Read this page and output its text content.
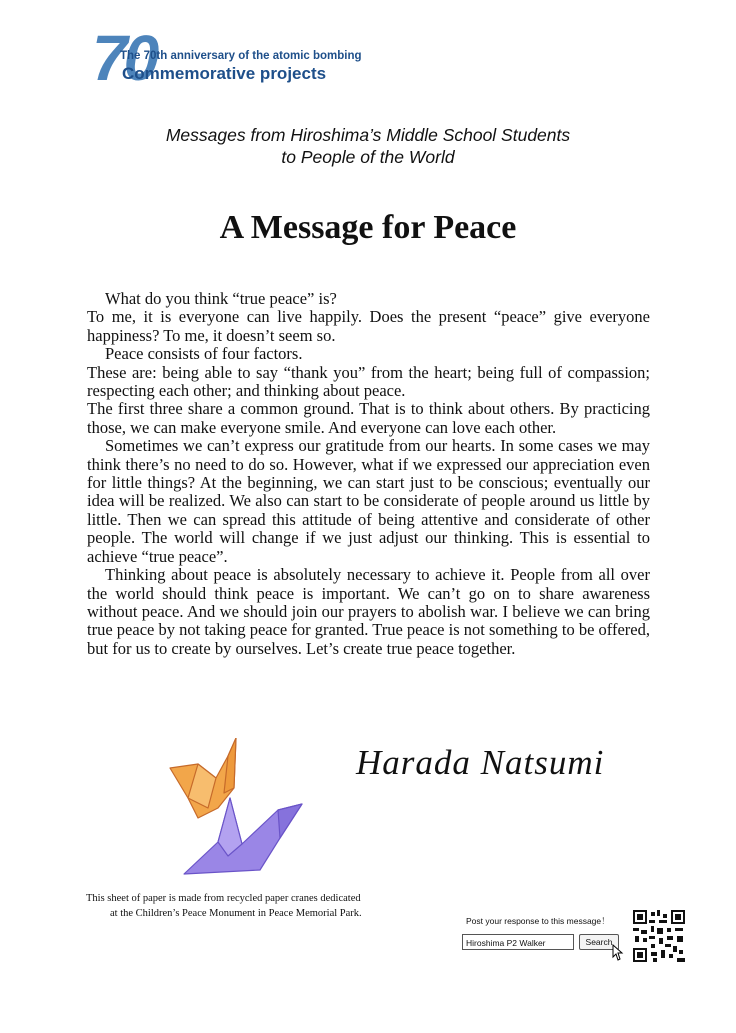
70
The 70th anniversary of the atomic bombing
Commemorative projects
Messages from Hiroshima’s Middle School Students
to People of the World
A Message for Peace

What do you think “true peace” is?

To me, it is everyone can live happily. Does the present “peace” give everyone happiness? To me, it doesn’t seem so.

Peace consists of four factors.

These are: being able to say “thank you” from the heart; being full of compassion; respecting each other; and thinking about peace.

The first three share a common ground. That is to think about others. By practicing those, we can make everyone smile. And everyone can love each other.

Sometimes we can’t express our gratitude from our hearts. In some cases we may think there’s no need to do so. However, what if we expressed our appreciation even for little things? At the beginning, we can start just to be conscious; eventually our idea will be realized. We also can start to be considerate of people around us little by little. Then we can spread this attitude of being attentive and considerate of other people. The world will change if we just adjust our thinking. This is essential to achieve “true peace”.

Thinking about peace is absolutely necessary to achieve it. People from all over the world should think peace is important. We can’t go on to share awareness without peace. And we should join our prayers to abolish war. I believe we can bring true peace by not taking peace for granted. True peace is not something to be offered, but for us to create by ourselves. Let’s create true peace together.

Harada Natsumi
This sheet of paper is made from recycled paper cranes dedicated
at the Children’s Peace Monument in Peace Memorial Park.
Post your response to this message！
Hiroshima P2 Walker	Search
